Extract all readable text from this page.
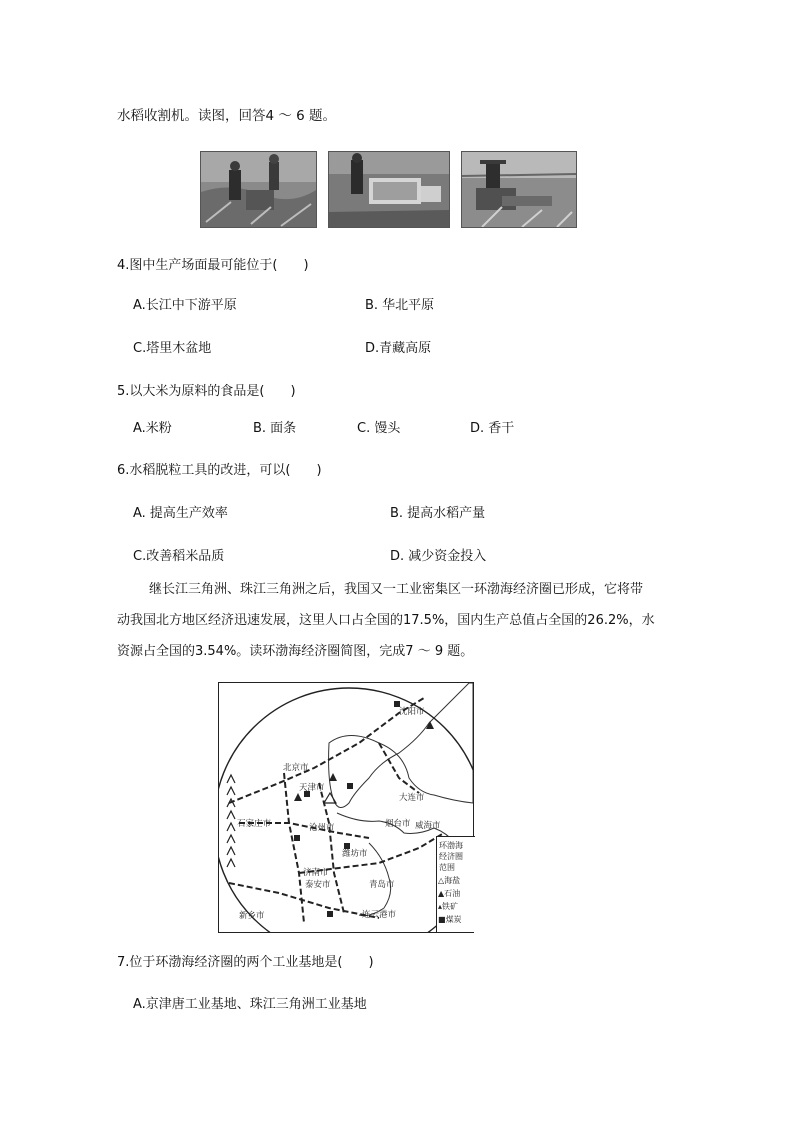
水稻收割机。读图，回答4 ～ 6 题。
4.图中生产场面最可能位于(　　)
A.长江中下游平原	B. 华北平原
C.塔里木盆地	D.青藏高原
5.以大米为原料的食品是(　　)
A.米粉	B. 面条	C. 馒头	D. 香干
6.水稻脱粒工具的改进，可以(　　)
A. 提高生产效率	B. 提高水稻产量
C.改善稻米品质	D. 减少资金投入
继长江三角洲、珠江三角洲之后，我国又一工业密集区一环渤海经济圈已形成，它将带
动我国北方地区经济迅速发展，这里人口占全国的17.5%，国内生产总值占全国的26.2%，水
资源占全国的3.54%。读环渤海经济圈简图，完成7 ～ 9 题。
沈阳市
北京市
天津市
大连市
石家庄市	沧州市	烟台市 威海市
潍坊市
济南市
泰安市	青岛市
连云港市
新乡市
环渤海
经济圈
范围
△海盐
▲石油
▴铁矿
■煤炭
7.位于环渤海经济圈的两个工业基地是(　　)
A.京津唐工业基地、珠江三角洲工业基地
